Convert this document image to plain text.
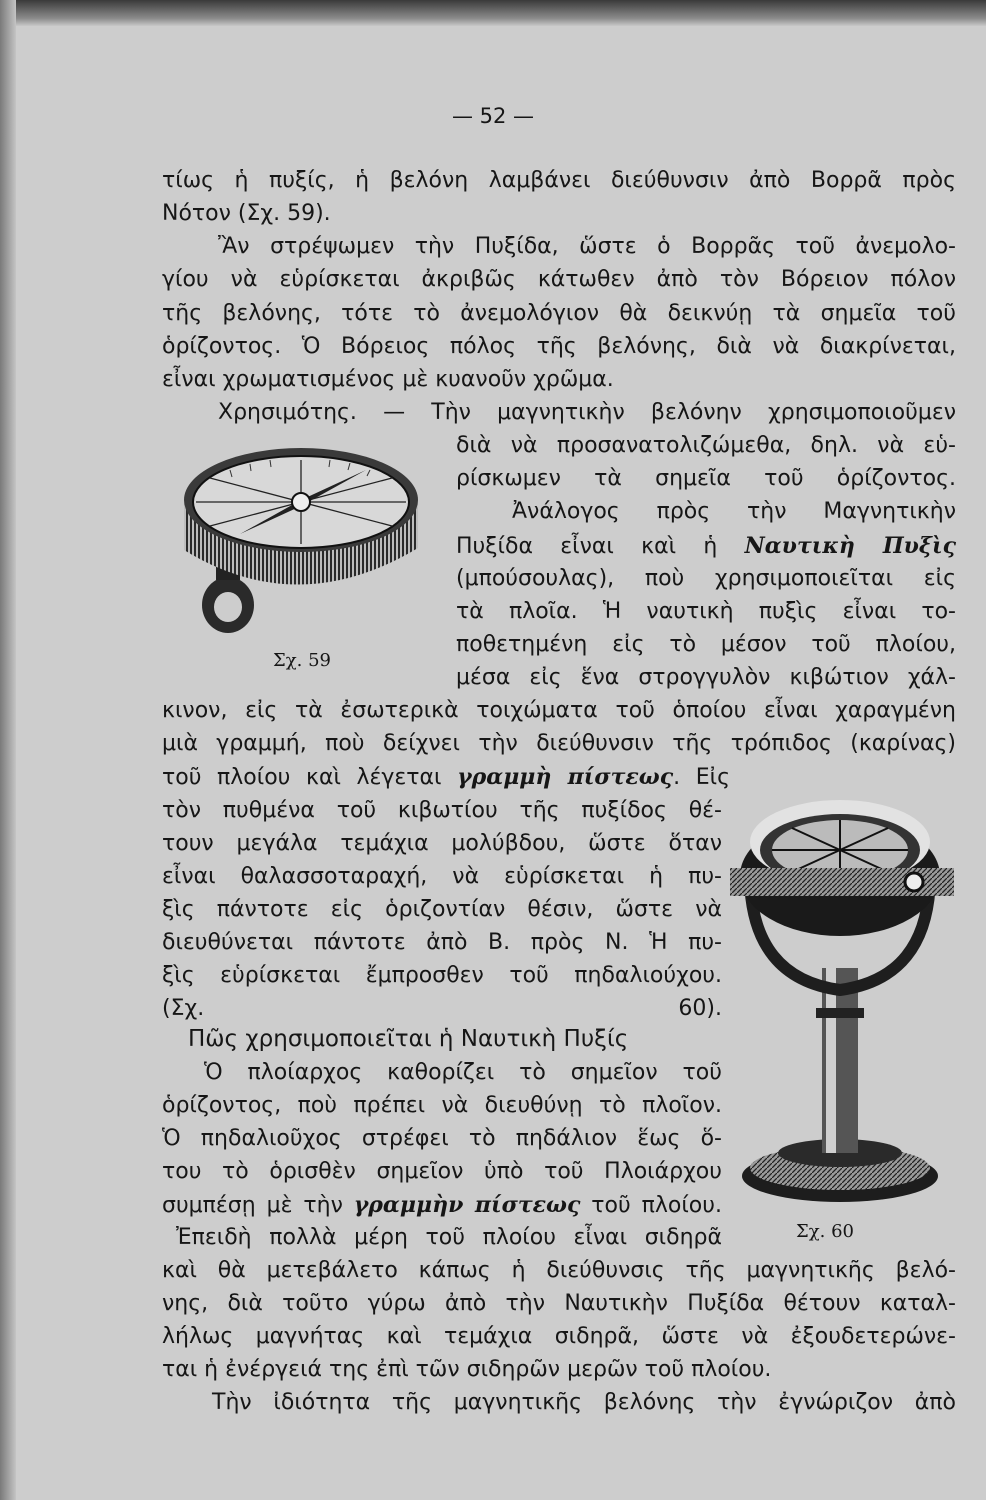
— 52 —
τίως ἡ πυξίς, ἡ βελόνη λαμβάνει διεύθυνσιν ἀπὸ Βορρᾶ πρὸς
Νότον (Σχ. 59).
Ἂν στρέψωμεν τὴν Πυξίδα, ὥστε ὁ Βορρᾶς τοῦ ἀνεμολο-
γίου νὰ εὑρίσκεται ἀκριβῶς κάτωθεν ἀπὸ τὸν Βόρειον πόλον
τῆς βελόνης, τότε τὸ ἀνεμολόγιον θὰ δεικνύῃ τὰ σημεῖα τοῦ
ὁρίζοντος. Ὁ Βόρειος πόλος τῆς βελόνης, διὰ νὰ διακρίνεται,
εἶναι χρωματισμένος μὲ κυανοῦν χρῶμα.
Χρησιμότης. — Τὴν μαγνητικὴν βελόνην χρησιμοποιοῦμεν
διὰ νὰ προσανατολιζώμεθα, δηλ. νὰ εὑ-
ρίσκωμεν τὰ σημεῖα τοῦ ὁρίζοντος.
Ἀνάλογος πρὸς τὴν Μαγνητικὴν
Πυξίδα εἶναι καὶ ἡ Ναυτικὴ Πυξὶς
(μπούσουλας), ποὺ χρησιμοποιεῖται εἰς
τὰ πλοῖα. Ἡ ναυτικὴ πυξὶς εἶναι το-
ποθετημένη εἰς τὸ μέσον τοῦ πλοίου,
μέσα εἰς ἕνα στρογγυλὸν κιβώτιον χάλ-
κινον, εἰς τὰ ἐσωτερικὰ τοιχώματα τοῦ ὁποίου εἶναι χαραγμένη
μιὰ γραμμή, ποὺ δείχνει τὴν διεύθυνσιν τῆς τρόπιδος (καρίνας)
τοῦ πλοίου καὶ λέγεται γραμμὴ πίστεως. Εἰς
τὸν πυθμένα τοῦ κιβωτίου τῆς πυξίδος θέ-
τουν μεγάλα τεμάχια μολύβδου, ὥστε ὅταν
εἶναι θαλασσοταραχή, νὰ εὑρίσκεται ἡ πυ-
ξὶς πάντοτε εἰς ὁριζοντίαν θέσιν, ὥστε νὰ
διευθύνεται πάντοτε ἀπὸ Β. πρὸς Ν. Ἡ πυ-
ξὶς εὑρίσκεται ἔμπροσθεν τοῦ πηδαλιούχου.
(Σχ. 60).
Πῶς χρησιμοποιεῖται ἡ Ναυτικὴ Πυξίς
Ὁ πλοίαρχος καθορίζει τὸ σημεῖον τοῦ
ὁρίζοντος, ποὺ πρέπει νὰ διευθύνῃ τὸ πλοῖον.
Ὁ πηδαλιοῦχος στρέφει τὸ πηδάλιον ἕως ὅ-
του τὸ ὁρισθὲν σημεῖον ὑπὸ τοῦ Πλοιάρχου
συμπέσῃ μὲ τὴν γραμμὴν πίστεως τοῦ πλοίου.
Ἐπειδὴ πολλὰ μέρη τοῦ πλοίου εἶναι σιδηρᾶ
καὶ θὰ μετεβάλετο κάπως ἡ διεύθυνσις τῆς μαγνητικῆς βελό-
νης, διὰ τοῦτο γύρω ἀπὸ τὴν Ναυτικὴν Πυξίδα θέτουν καταλ-
λήλως μαγνήτας καὶ τεμάχια σιδηρᾶ, ὥστε νὰ ἐξουδετερώνε-
ται ἡ ἐνέργειά της ἐπὶ τῶν σιδηρῶν μερῶν τοῦ πλοίου.
Τὴν ἰδιότητα τῆς μαγνητικῆς βελόνης τὴν ἐγνώριζον ἀπὸ
Σχ. 59
Σχ. 60
